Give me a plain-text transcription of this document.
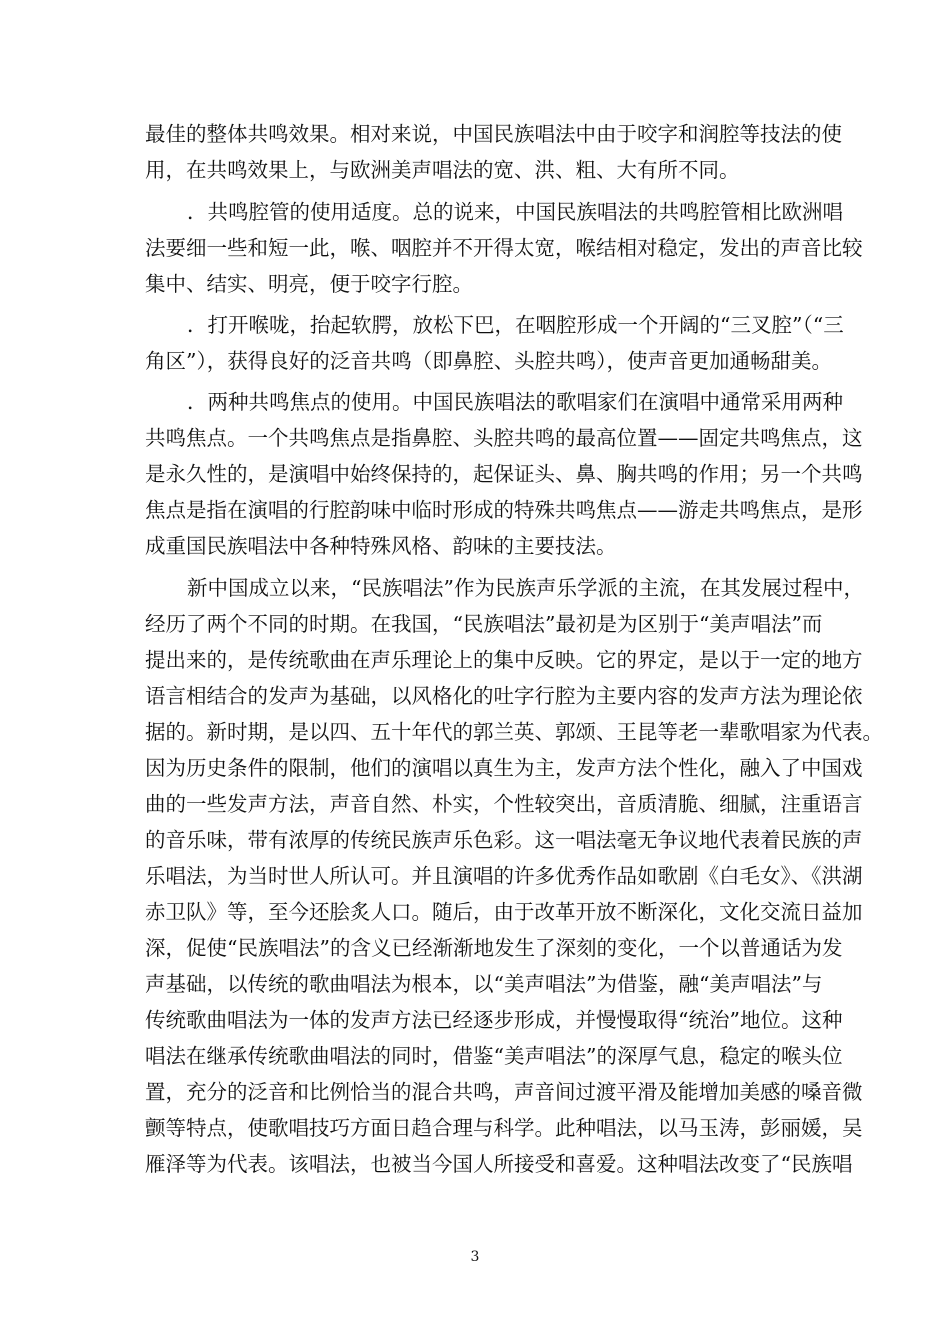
最佳的整体共鸣效果。相对来说，中国民族唱法中由于咬字和润腔等技法的使
用，在共鸣效果上，与欧洲美声唱法的宽、洪、粗、大有所不同。
．共鸣腔管的使用适度。总的说来，中国民族唱法的共鸣腔管相比欧洲唱
法要细一些和短一此，喉、咽腔并不开得太宽，喉结相对稳定，发出的声音比较
集中、结实、明亮，便于咬字行腔。
．打开喉咙，抬起软腭，放松下巴，在咽腔形成一个开阔的“三叉腔”（“三
角区”），获得良好的泛音共鸣（即鼻腔、头腔共鸣），使声音更加通畅甜美。
．两种共鸣焦点的使用。中国民族唱法的歌唱家们在演唱中通常采用两种
共鸣焦点。一个共鸣焦点是指鼻腔、头腔共鸣的最高位置——固定共鸣焦点，这
是永久性的，是演唱中始终保持的，起保证头、鼻、胸共鸣的作用；另一个共鸣
焦点是指在演唱的行腔韵味中临时形成的特殊共鸣焦点——游走共鸣焦点，是形
成重国民族唱法中各种特殊风格、韵味的主要技法。
新中国成立以来，“民族唱法”作为民族声乐学派的主流，在其发展过程中，
经历了两个不同的时期。在我国，“民族唱法”最初是为区别于“美声唱法”而
提出来的，是传统歌曲在声乐理论上的集中反映。它的界定，是以于一定的地方
语言相结合的发声为基础，以风格化的吐字行腔为主要内容的发声方法为理论依
据的。新时期，是以四、五十年代的郭兰英、郭颂、王昆等老一辈歌唱家为代表。
因为历史条件的限制，他们的演唱以真生为主，发声方法个性化，融入了中国戏
曲的一些发声方法，声音自然、朴实，个性较突出，音质清脆、细腻，注重语言
的音乐味，带有浓厚的传统民族声乐色彩。这一唱法毫无争议地代表着民族的声
乐唱法，为当时世人所认可。并且演唱的许多优秀作品如歌剧《白毛女》、《洪湖
赤卫队》等，至今还脍炙人口。随后，由于改革开放不断深化，文化交流日益加
深，促使“民族唱法”的含义已经渐渐地发生了深刻的变化，一个以普通话为发
声基础，以传统的歌曲唱法为根本，以“美声唱法”为借鉴，融“美声唱法”与
传统歌曲唱法为一体的发声方法已经逐步形成，并慢慢取得“统治”地位。这种
唱法在继承传统歌曲唱法的同时，借鉴“美声唱法”的深厚气息，稳定的喉头位
置，充分的泛音和比例恰当的混合共鸣，声音间过渡平滑及能增加美感的嗓音微
颤等特点，使歌唱技巧方面日趋合理与科学。此种唱法，以马玉涛，彭丽媛，吴
雁泽等为代表。该唱法，也被当今国人所接受和喜爱。这种唱法改变了“民族唱
3
